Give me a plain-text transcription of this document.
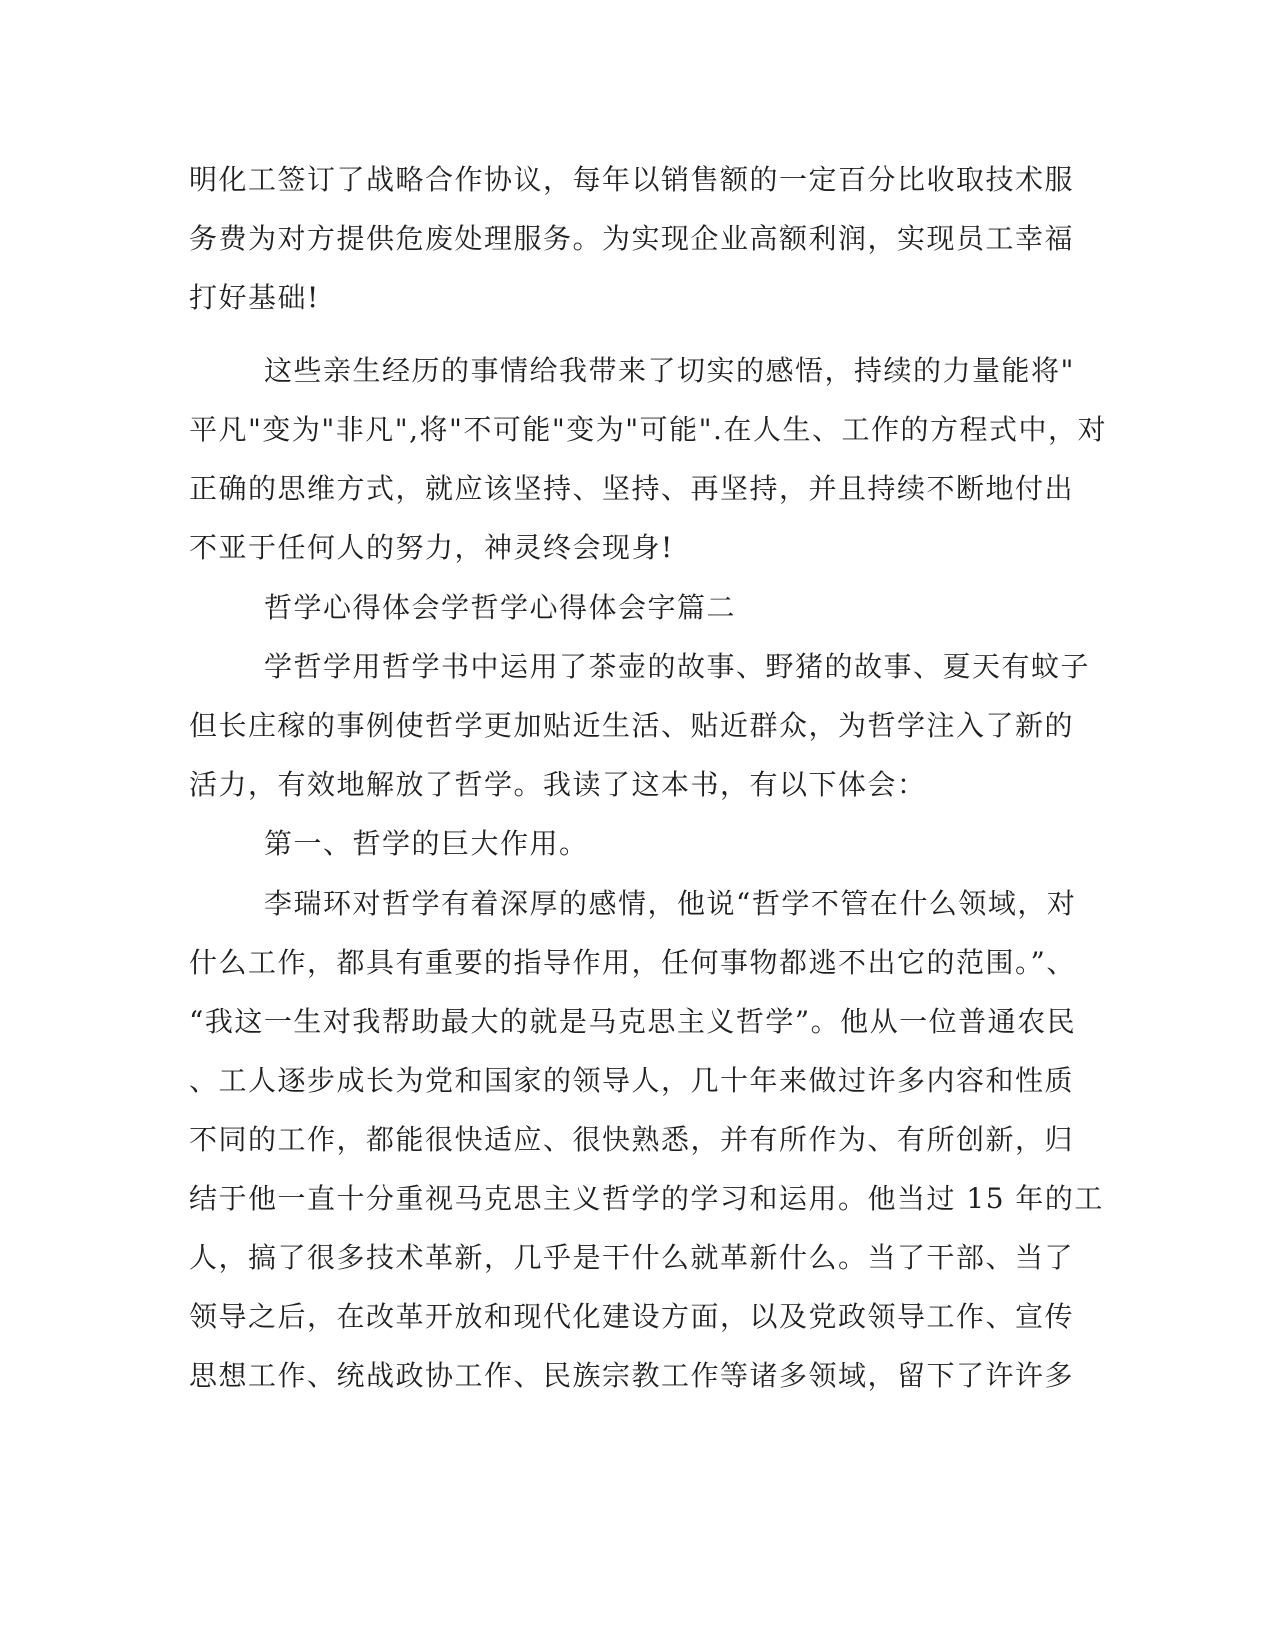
明化工签订了战略合作协议，每年以销售额的一定百分比收取技术服
务费为对方提供危废处理服务。为实现企业高额利润，实现员工幸福
打好基础!
这些亲生经历的事情给我带来了切实的感悟，持续的力量能将"
平凡"变为"非凡",将"不可能"变为"可能".在人生、工作的方程式中，对
正确的思维方式，就应该坚持、坚持、再坚持，并且持续不断地付出
不亚于任何人的努力，神灵终会现身!
哲学心得体会学哲学心得体会字篇二
学哲学用哲学书中运用了茶壶的故事、野猪的故事、夏天有蚊子
但长庄稼的事例使哲学更加贴近生活、贴近群众，为哲学注入了新的
活力，有效地解放了哲学。我读了这本书，有以下体会：
第一、哲学的巨大作用。
李瑞环对哲学有着深厚的感情，他说“哲学不管在什么领域，对
什么工作，都具有重要的指导作用，任何事物都逃不出它的范围。”、
“我这一生对我帮助最大的就是马克思主义哲学”。他从一位普通农民
、工人逐步成长为党和国家的领导人，几十年来做过许多内容和性质
不同的工作，都能很快适应、很快熟悉，并有所作为、有所创新，归
结于他一直十分重视马克思主义哲学的学习和运用。他当过 15 年的工
人，搞了很多技术革新，几乎是干什么就革新什么。当了干部、当了
领导之后，在改革开放和现代化建设方面，以及党政领导工作、宣传
思想工作、统战政协工作、民族宗教工作等诸多领域，留下了许许多
